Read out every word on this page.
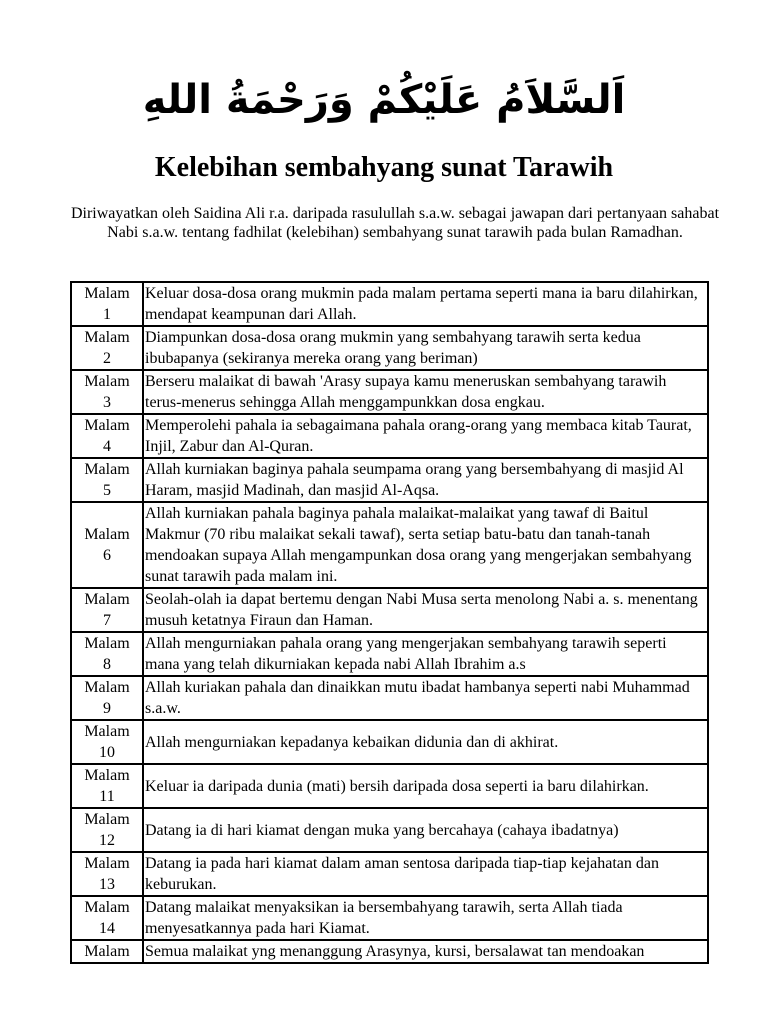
اَلسَّلاَمُ عَلَيْكُمْ وَرَحْمَةُ اللهِ
Kelebihan sembahyang sunat Tarawih
Diriwayatkan oleh Saidina Ali r.a. daripada rasulullah s.a.w. sebagai jawapan dari pertanyaan sahabat Nabi s.a.w. tentang fadhilat (kelebihan) sembahyang sunat tarawih pada bulan Ramadhan.
Malam
1	Keluar dosa-dosa orang mukmin pada malam pertama seperti mana ia baru dilahirkan, mendapat keampunan dari Allah.

Malam
2	Diampunkan dosa-dosa orang mukmin yang sembahyang tarawih serta kedua ibubapanya (sekiranya mereka orang yang beriman)

Malam
3	Berseru malaikat di bawah 'Arasy supaya kamu meneruskan sembahyang tarawih terus-menerus sehingga Allah menggampunkkan dosa engkau.

Malam
4	Memperolehi pahala ia sebagaimana pahala orang-orang yang membaca kitab Taurat, Injil, Zabur dan Al-Quran.

Malam
5	Allah kurniakan baginya pahala seumpama orang yang bersembahyang di masjid Al Haram, masjid Madinah, dan masjid Al-Aqsa.

Malam
6	Allah kurniakan pahala baginya pahala malaikat-malaikat yang tawaf di Baitul Makmur (70 ribu malaikat sekali tawaf), serta setiap batu-batu dan tanah-tanah mendoakan supaya Allah mengampunkan dosa orang yang mengerjakan sembahyang sunat tarawih pada malam ini.

Malam
7	Seolah-olah ia dapat bertemu dengan Nabi Musa serta menolong Nabi a. s. menentang musuh ketatnya Firaun dan Haman.

Malam
8	Allah mengurniakan pahala orang yang mengerjakan sembahyang tarawih seperti mana yang telah dikurniakan kepada nabi Allah Ibrahim a.s

Malam
9	Allah kuriakan pahala dan dinaikkan mutu ibadat hambanya seperti nabi Muhammad s.a.w.

Malam
10	Allah mengurniakan kepadanya kebaikan didunia dan di akhirat.

Malam
11	Keluar ia daripada dunia (mati) bersih daripada dosa seperti ia baru dilahirkan.

Malam
12	Datang ia di hari kiamat dengan muka yang bercahaya (cahaya ibadatnya)

Malam
13	Datang ia pada hari kiamat dalam aman sentosa daripada tiap-tiap kejahatan dan keburukan.

Malam
14	Datang malaikat menyaksikan ia bersembahyang tarawih, serta Allah tiada menyesatkannya pada hari Kiamat.

Malam	Semua malaikat yng menanggung Arasynya, kursi, bersalawat tan mendoakan
